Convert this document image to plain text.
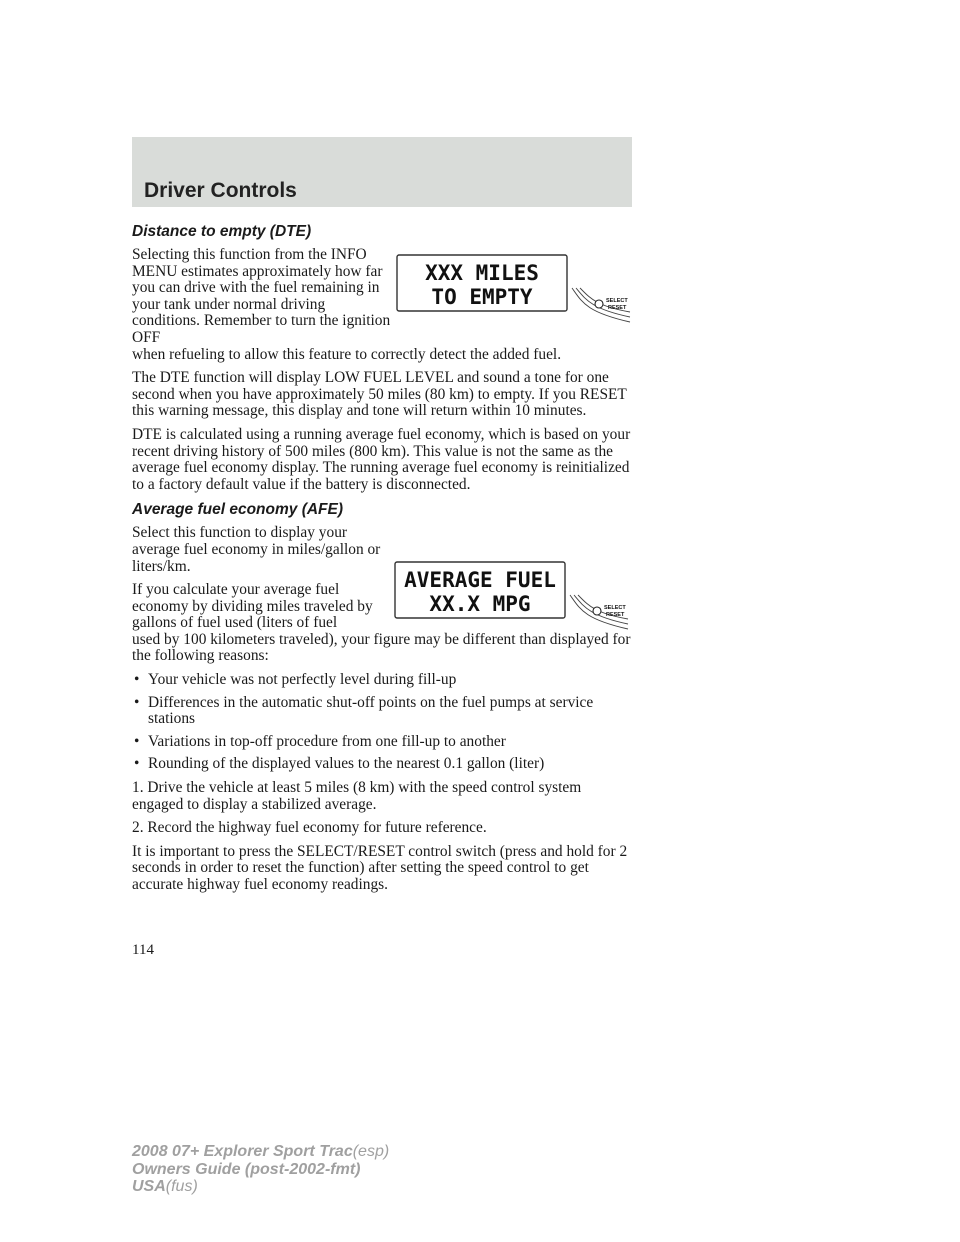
Driver Controls
XXX MILES
TO EMPTY	SELECT
RESET
AVERAGE FUEL
XX.X MPG	SELECT
RESET
Distance to empty (DTE)

Selecting this function from the INFO MENU estimates approximately how far you can drive with the fuel remaining in your tank under normal driving conditions. Remember to turn the ignition OFF

when refueling to allow this feature to correctly detect the added fuel.

The DTE function will display LOW FUEL LEVEL and sound a tone for one second when you have approximately 50 miles (80 km) to empty. If you RESET this warning message, this display and tone will return within 10 minutes.

DTE is calculated using a running average fuel economy, which is based on your recent driving history of 500 miles (800 km). This value is not the same as the average fuel economy display. The running average fuel economy is reinitialized to a factory default value if the battery is disconnected.

Average fuel economy (AFE)

Select this function to display your average fuel economy in miles/gallon or liters/km.

If you calculate your average fuel economy by dividing miles traveled by gallons of fuel used (liters of fuel

used by 100 kilometers traveled), your figure may be different than displayed for the following reasons:

• Your vehicle was not perfectly level during fill-up
• Differences in the automatic shut-off points on the fuel pumps at service stations
• Variations in top-off procedure from one fill-up to another
• Rounding of the displayed values to the nearest 0.1 gallon (liter)

1. Drive the vehicle at least 5 miles (8 km) with the speed control system engaged to display a stabilized average.

2. Record the highway fuel economy for future reference.

It is important to press the SELECT/RESET control switch (press and hold for 2 seconds in order to reset the function) after setting the speed control to get accurate highway fuel economy readings.

114
2008 07+ Explorer Sport Trac(esp)
Owners Guide (post-2002-fmt)
USA(fus)
